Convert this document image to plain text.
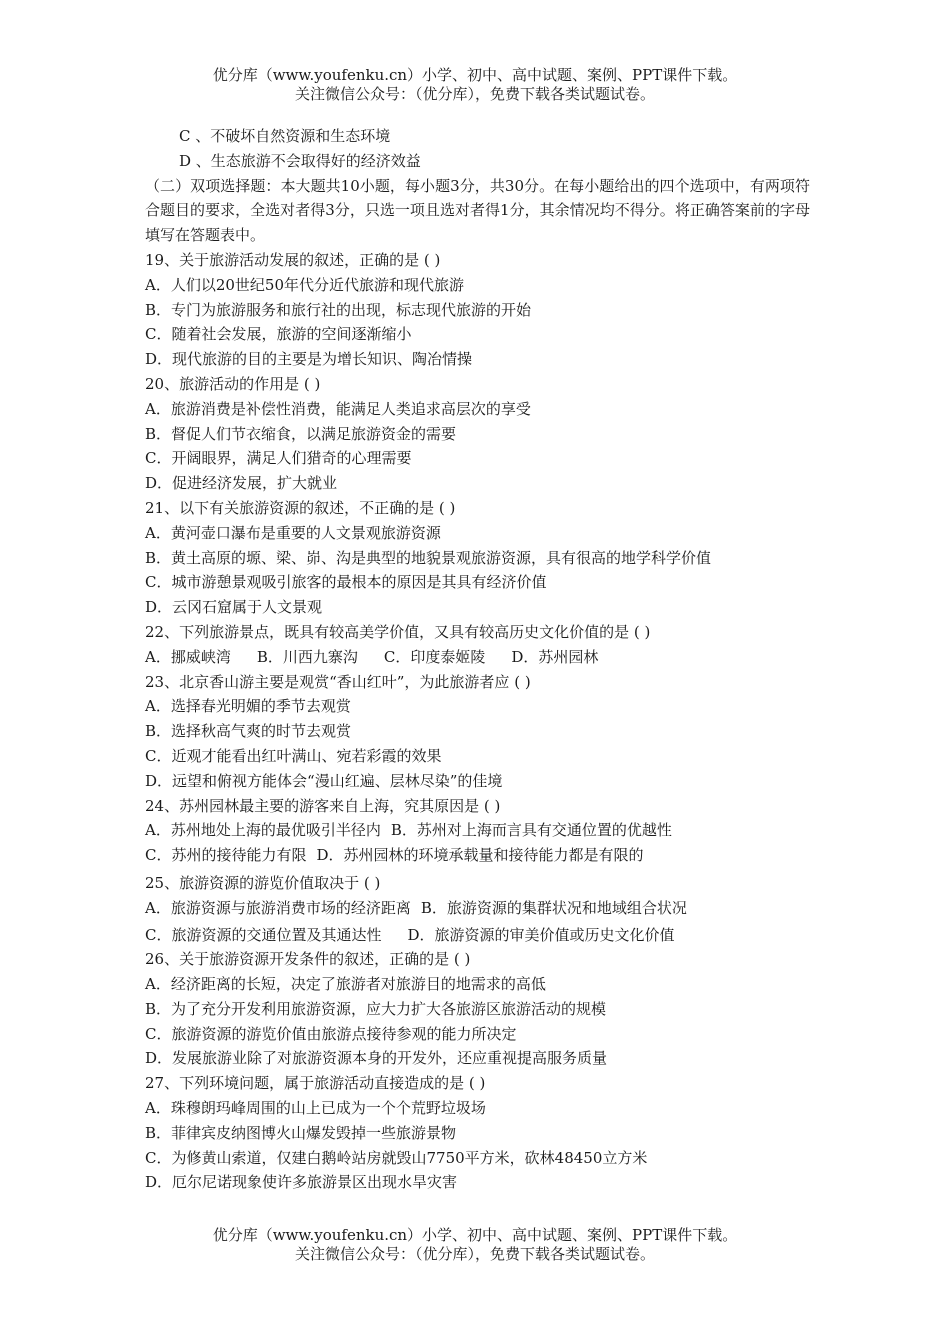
优分库（www.youfenku.cn）小学、初中、高中试题、案例、PPT课件下载。
关注微信公众号：（优分库），免费下载各类试题试卷。
C 、不破坏自然资源和生态环境
D 、生态旅游不会取得好的经济效益
（二）双项选择题：本大题共10小题，每小题3分，共30分。在每小题给出的四个选项中，有两项符合题目的要求，全选对者得3分，只选一项且选对者得1分，其余情况均不得分。将正确答案前的字母填写在答题表中。
19、关于旅游活动发展的叙述，正确的是 ( )
A．人们以20世纪50年代分近代旅游和现代旅游
B．专门为旅游服务和旅行社的出现，标志现代旅游的开始
C．随着社会发展，旅游的空间逐渐缩小
D．现代旅游的目的主要是为增长知识、陶冶情操
20、旅游活动的作用是 ( )
A．旅游消费是补偿性消费，能满足人类追求高层次的享受
B．督促人们节衣缩食，以满足旅游资金的需要
C．开阔眼界，满足人们猎奇的心理需要
D．促进经济发展，扩大就业
21、以下有关旅游资源的叙述，不正确的是 ( )
A．黄河壶口瀑布是重要的人文景观旅游资源
B．黄土高原的塬、梁、峁、沟是典型的地貌景观旅游资源，具有很高的地学科学价值
C．城市游憩景观吸引旅客的最根本的原因是其具有经济价值
D．云冈石窟属于人文景观
22、下列旅游景点，既具有较高美学价值，又具有较高历史文化价值的是 ( )
A．挪威峡湾 B．川西九寨沟 C．印度泰姬陵 D．苏州园林
23、北京香山游主要是观赏“香山红叶”，为此旅游者应 ( )
A．选择春光明媚的季节去观赏
B．选择秋高气爽的时节去观赏
C．近观才能看出红叶满山、宛若彩霞的效果
D．远望和俯视方能体会“漫山红遍、层林尽染”的佳境
24、苏州园林最主要的游客来自上海，究其原因是 ( )
A．苏州地处上海的最优吸引半径内 B．苏州对上海而言具有交通位置的优越性
C．苏州的接待能力有限 D．苏州园林的环境承载量和接待能力都是有限的
25、旅游资源的游览价值取决于 ( )
A．旅游资源与旅游消费市场的经济距离 B．旅游资源的集群状况和地域组合状况
C．旅游资源的交通位置及其通达性 D．旅游资源的审美价值或历史文化价值
26、关于旅游资源开发条件的叙述，正确的是 ( )
A．经济距离的长短，决定了旅游者对旅游目的地需求的高低
B．为了充分开发利用旅游资源，应大力扩大各旅游区旅游活动的规模
C．旅游资源的游览价值由旅游点接待参观的能力所决定
D．发展旅游业除了对旅游资源本身的开发外，还应重视提高服务质量
27、下列环境问题，属于旅游活动直接造成的是 ( )
A．珠穆朗玛峰周围的山上已成为一个个荒野垃圾场
B．菲律宾皮纳图博火山爆发毁掉一些旅游景物
C．为修黄山索道，仅建白鹅岭站房就毁山7750平方米，砍林48450立方米
D．厄尔尼诺现象使许多旅游景区出现水旱灾害
优分库（www.youfenku.cn）小学、初中、高中试题、案例、PPT课件下载。
关注微信公众号：（优分库），免费下载各类试题试卷。
